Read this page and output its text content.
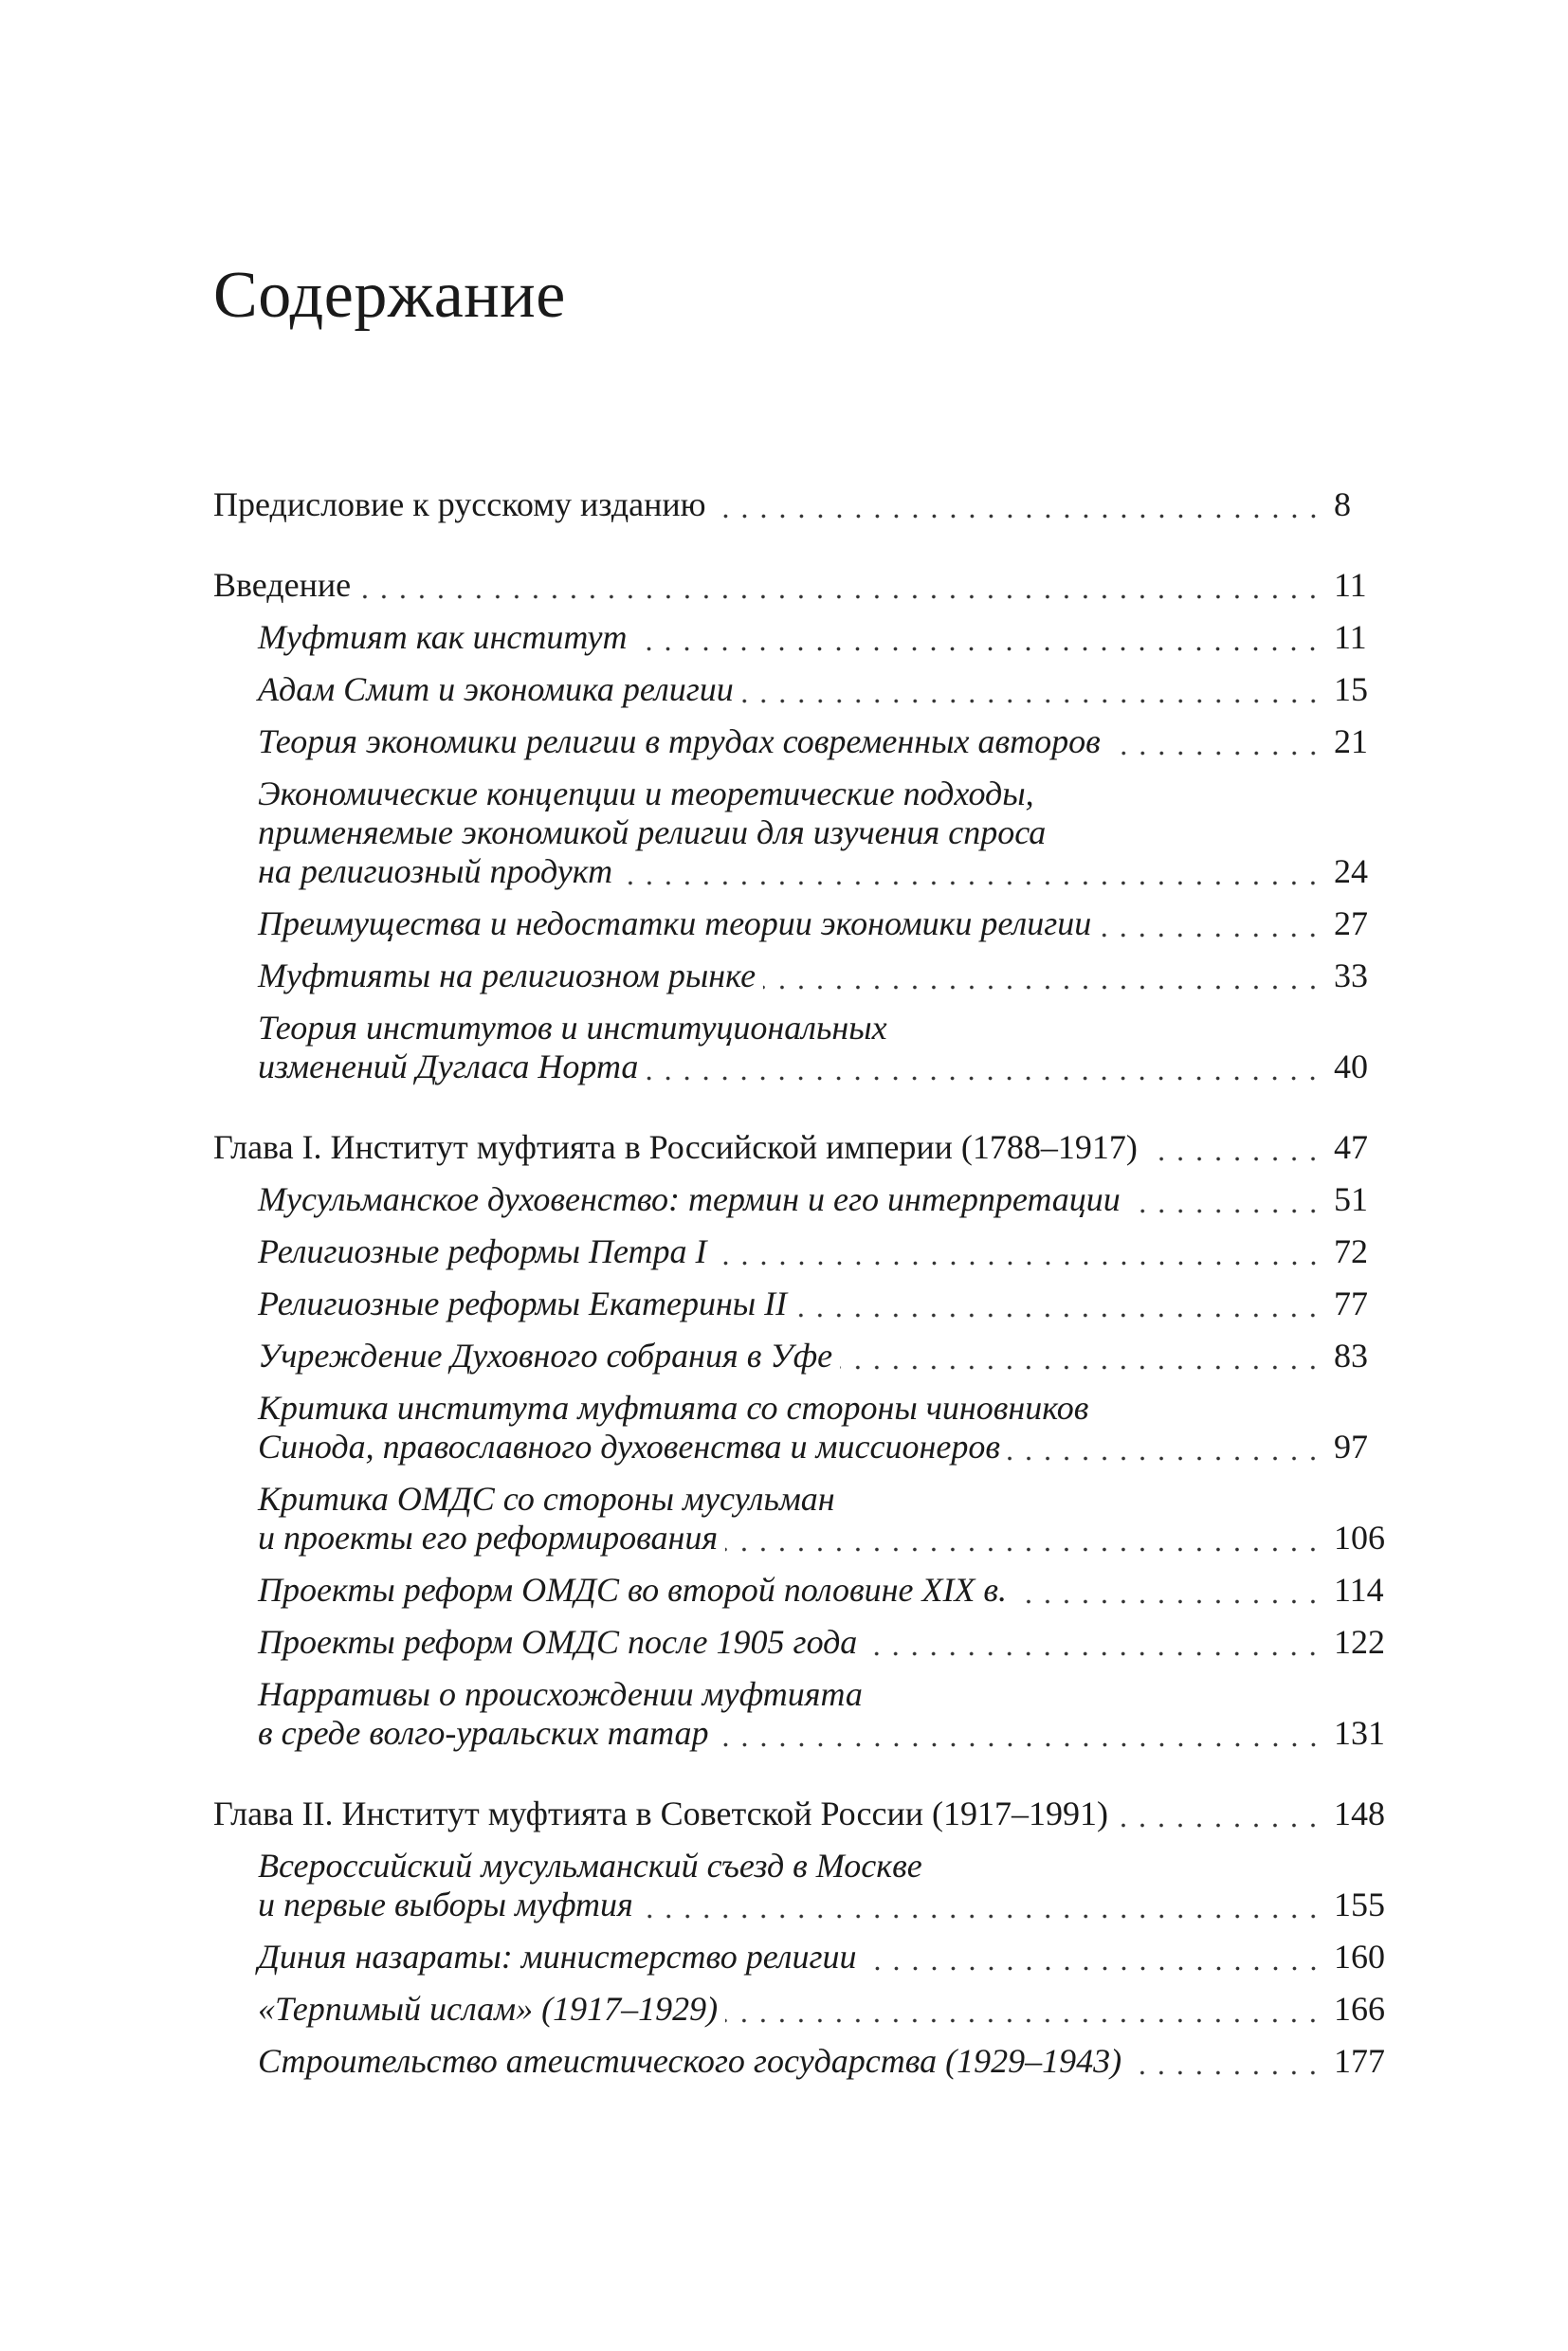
Содержание
Предисловие к русскому изданию	8
Введение	11
Муфтият как институт	11
Адам Смит и экономика религии	15
Теория экономики религии в трудах современных авторов	21
Экономические концепции и теоретические подходы,
применяемые экономикой религии для изучения спроса
на религиозный продукт	24
Преимущества и недостатки теории экономики религии	27
Муфтияты на религиозном рынке	33
Теория институтов и институциональных
изменений Дугласа Норта	40
Глава I. Институт муфтията в Российской империи (1788–1917)	47
Мусульманское духовенство: термин и его интерпретации	51
Религиозные реформы Петра I	72
Религиозные реформы Екатерины II	77
Учреждение Духовного собрания в Уфе	83
Критика института муфтията со стороны чиновников
Синода, православного духовенства и миссионеров	97
Критика ОМДС со стороны мусульман
и проекты его реформирования	106
Проекты реформ ОМДС во второй половине XIX в.	114
Проекты реформ ОМДС после 1905 года	122
Нарративы о происхождении муфтията
в среде волго-уральских татар	131
Глава II. Институт муфтията в Советской России (1917–1991)	148
Всероссийский мусульманский съезд в Москве
и первые выборы муфтия	155
Диния назараты: министерство религии	160
«Терпимый ислам» (1917–1929)	166
Строительство атеистического государства (1929–1943)	177
